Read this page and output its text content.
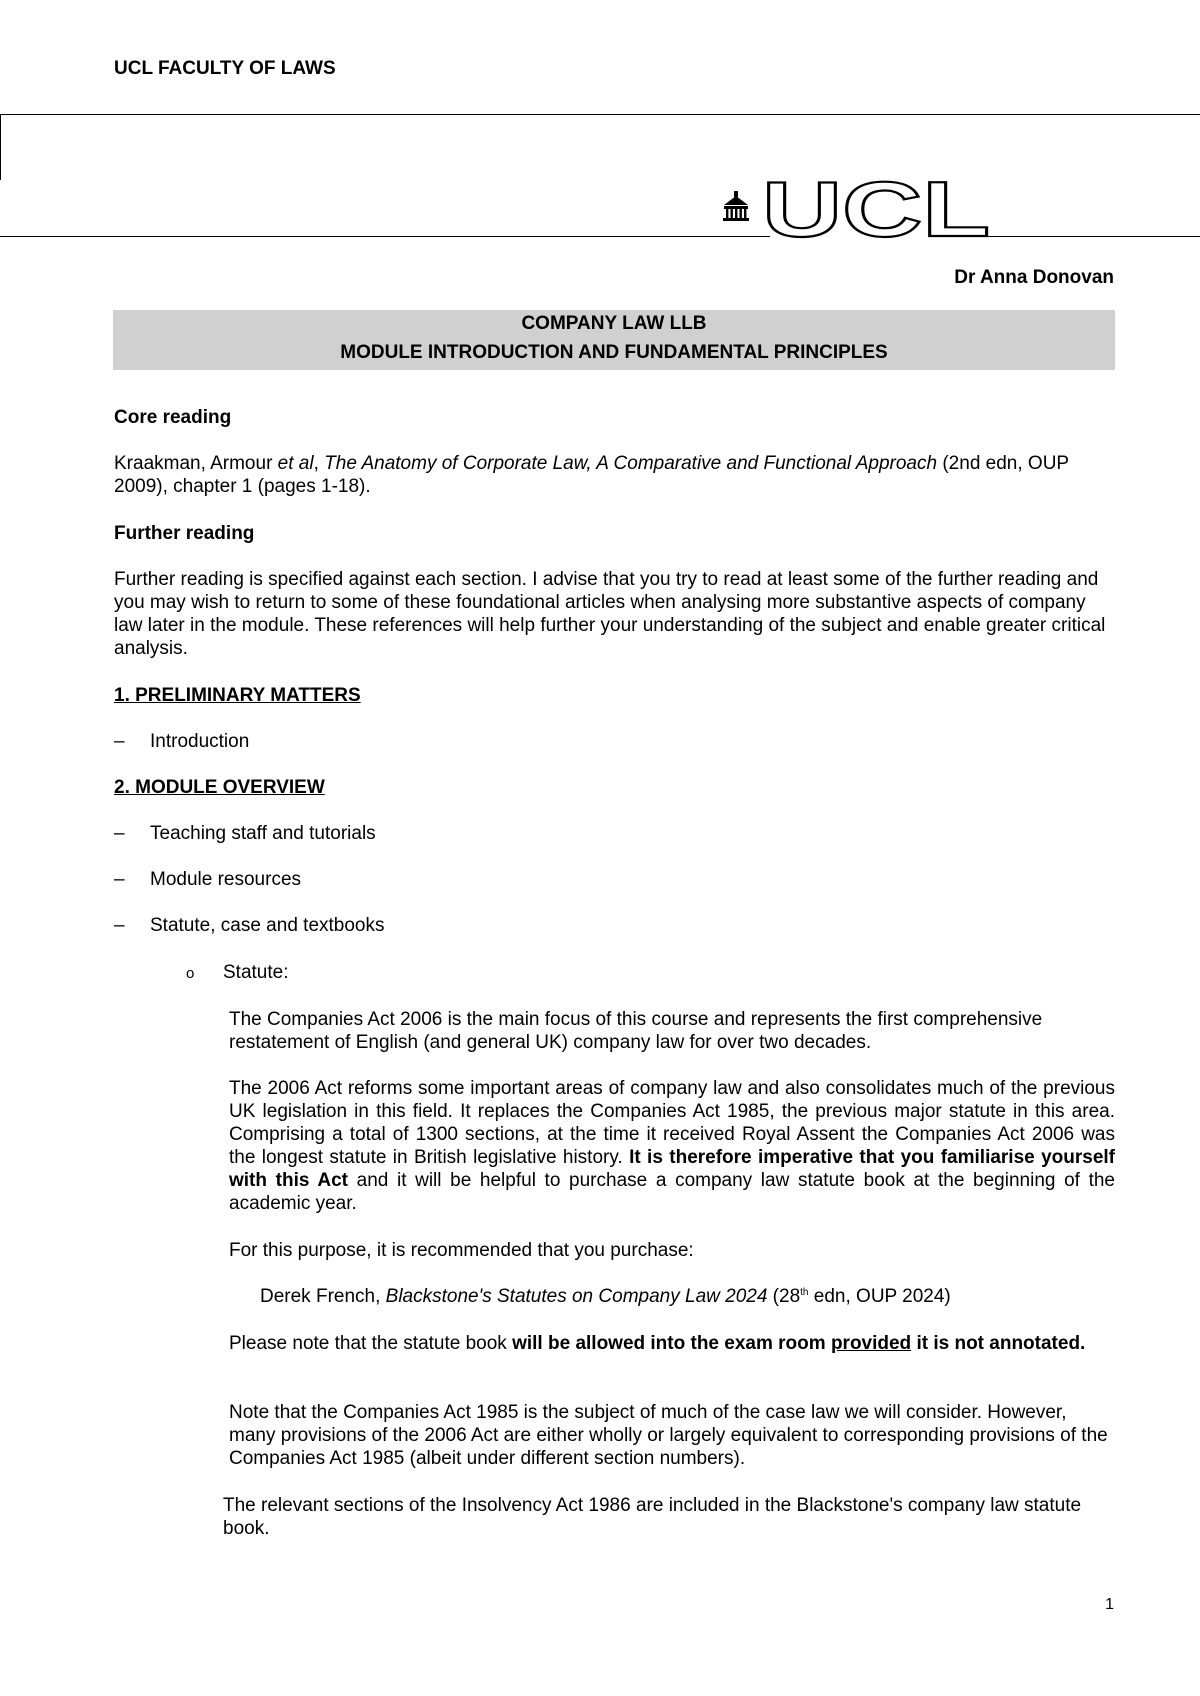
UCL FACULTY OF LAWS
UCL
Dr Anna Donovan
COMPANY LAW LLB
MODULE INTRODUCTION AND FUNDAMENTAL PRINCIPLES
Core reading
Kraakman, Armour et al, The Anatomy of Corporate Law, A Comparative and Functional Approach (2nd edn, OUP 2009), chapter 1 (pages 1-18).
Further reading
Further reading is specified against each section. I advise that you try to read at least some of the further reading and you may wish to return to some of these foundational articles when analysing more substantive aspects of company law later in the module. These references will help further your understanding of the subject and enable greater critical analysis.
1. PRELIMINARY MATTERS
– Introduction
2. MODULE OVERVIEW
– Teaching staff and tutorials
– Module resources
– Statute, case and textbooks
o Statute:
The Companies Act 2006 is the main focus of this course and represents the first comprehensive restatement of English (and general UK) company law for over two decades.
The 2006 Act reforms some important areas of company law and also consolidates much of the previous UK legislation in this field. It replaces the Companies Act 1985, the previous major statute in this area. Comprising a total of 1300 sections, at the time it received Royal Assent the Companies Act 2006 was the longest statute in British legislative history. It is therefore imperative that you familiarise yourself with this Act and it will be helpful to purchase a company law statute book at the beginning of the academic year.
For this purpose, it is recommended that you purchase:
Derek French, Blackstone's Statutes on Company Law 2024 (28th edn, OUP 2024)
Please note that the statute book will be allowed into the exam room provided it is not annotated.
Note that the Companies Act 1985 is the subject of much of the case law we will consider. However, many provisions of the 2006 Act are either wholly or largely equivalent to corresponding provisions of the Companies Act 1985 (albeit under different section numbers).
The relevant sections of the Insolvency Act 1986 are included in the Blackstone's company law statute book.
1
